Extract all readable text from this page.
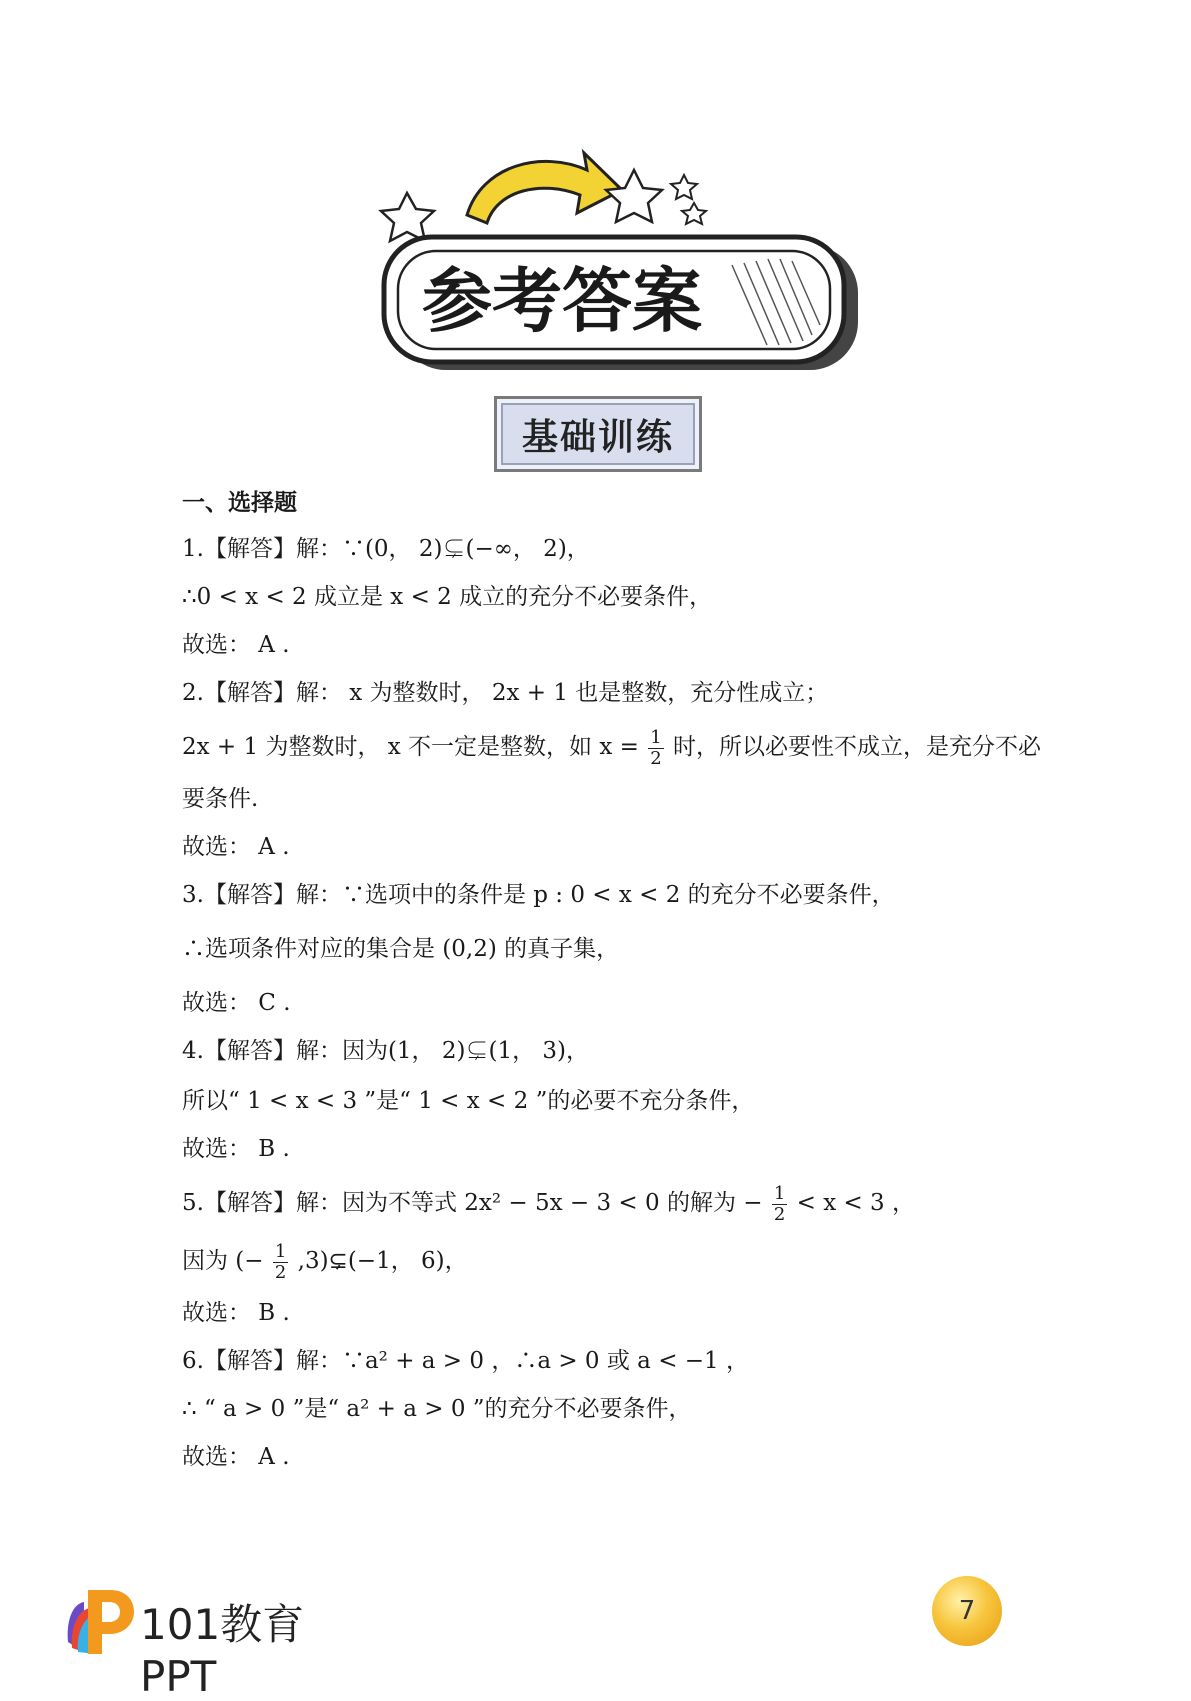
参考答案
基础训练
一、选择题
1.【解答】解：∵(0， 2)⊊(−∞， 2)，
∴0 < x < 2 成立是 x < 2 成立的充分不必要条件，
故选： A .
2.【解答】解： x 为整数时， 2x + 1 也是整数，充分性成立；
2x + 1 为整数时， x 不一定是整数，如 $x = \frac{1}{2}$ 时，所以必要性不成立，是充分不必
要条件.
故选： A .
3.【解答】解：∵选项中的条件是 p : 0 < x < 2 的充分不必要条件，
∴选项条件对应的集合是 (0,2) 的真子集，
故选： C .
4.【解答】解：因为(1， 2)⊊(1， 3)，
所以“ 1 < x < 3 ”是“ 1 < x < 2 ”的必要不充分条件，
故选： B .
5.【解答】解：因为不等式 2x² − 5x − 3 < 0 的解为 − $\frac{1}{2} < x < 3$ ，
因为 (− $\frac{1}{2}$ ,3)⊊(−1， 6)，
故选： B .
6.【解答】解：∵a² + a > 0 ，∴a > 0 或 a < −1 ，
∴ “ a > 0 ”是“ a² + a > 0 ”的充分不必要条件，
故选： A .
101教育PPT
7
